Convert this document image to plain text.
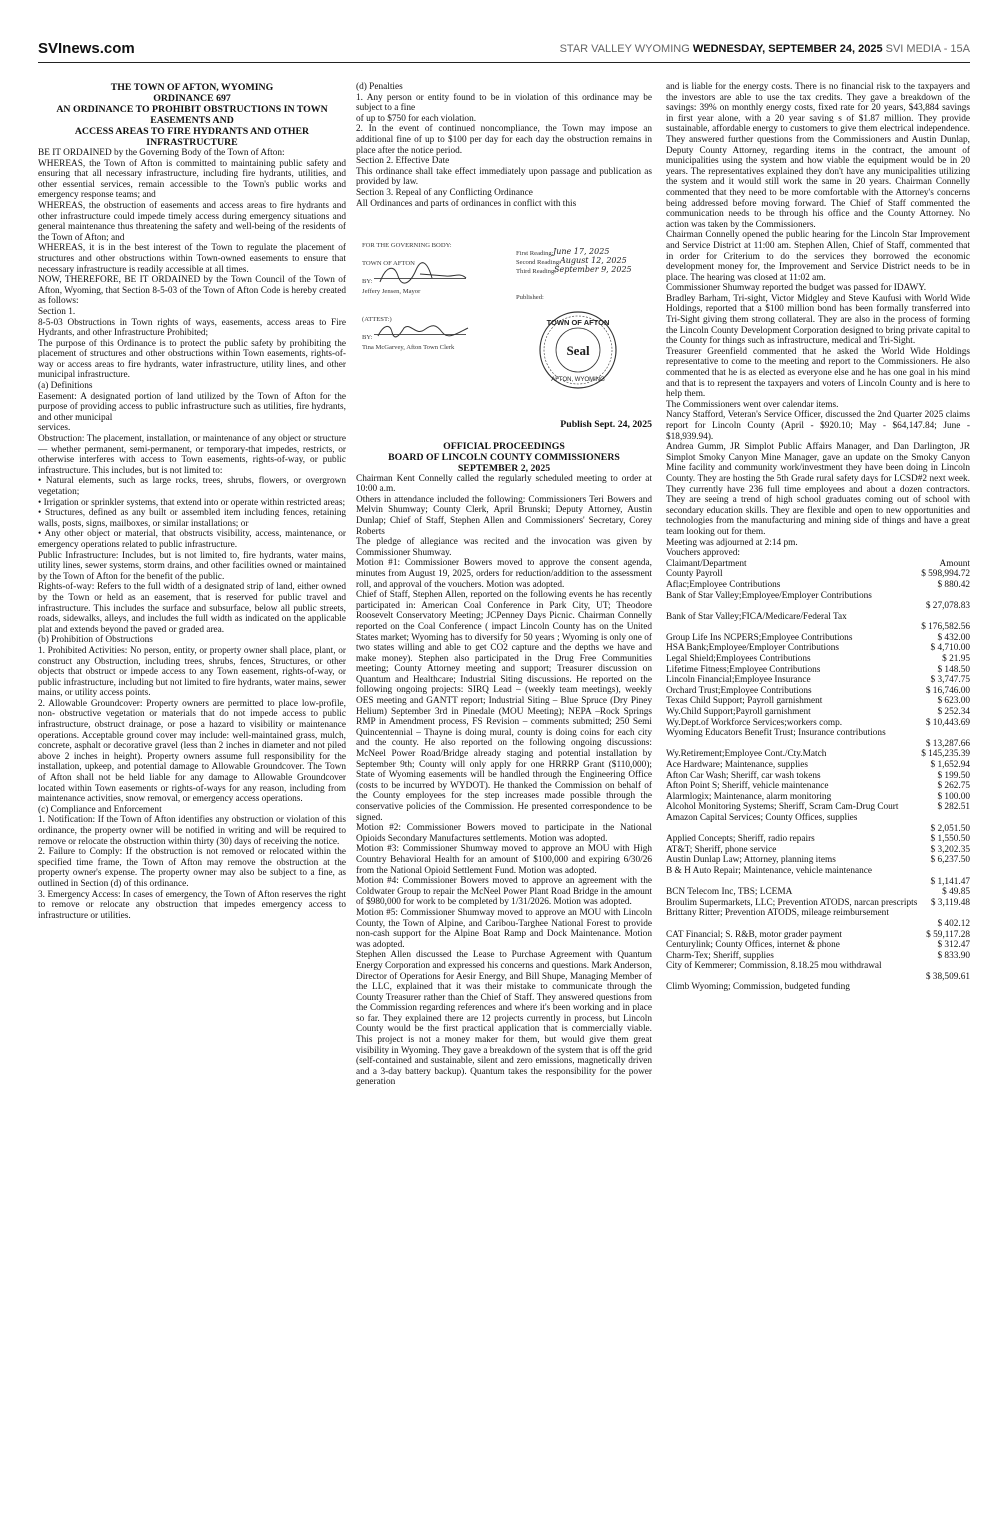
SVInews.com	STAR VALLEY WYOMING WEDNESDAY, SEPTEMBER 24, 2025 SVI MEDIA - 15A

THE TOWN OF AFTON, WYOMING

ORDINANCE 697

AN ORDINANCE TO PROHIBIT OBSTRUCTIONS IN TOWN EASEMENTS AND

ACCESS AREAS TO FIRE HYDRANTS AND OTHER INFRASTRUCTURE

BE IT ORDAINED by the Governing Body of the Town of Afton:

WHEREAS, the Town of Afton is committed to maintaining public safety and ensuring that all necessary infrastructure, including fire hydrants, utilities, and other essential services, remain accessible to the Town's public works and emergency response teams; and

WHEREAS, the obstruction of easements and access areas to fire hydrants and other infrastructure could impede timely access during emergency situations and general maintenance thus threatening the safety and well-being of the residents of the Town of Afton; and

WHEREAS, it is in the best interest of the Town to regulate the placement of structures and other obstructions within Town-owned easements to ensure that necessary infrastructure is readily accessible at all times.

NOW, THEREFORE, BE IT ORDAINED by the Town Council of the Town of Afton, Wyoming, that Section 8-5-03 of the Town of Afton Code is hereby created as follows:

Section 1.

8-5-03 Obstructions in Town rights of ways, easements, access areas to Fire Hydrants, and other Infrastructure Prohibited;

The purpose of this Ordinance is to protect the public safety by prohibiting the placement of structures and other obstructions within Town easements, rights-of-way or access areas to fire hydrants, water infrastructure, utility lines, and other municipal infrastructure.

(a) Definitions

Easement: A designated portion of land utilized by the Town of Afton for the purpose of providing access to public infrastructure such as utilities, fire hydrants, and other municipal

services.

Obstruction: The placement, installation, or maintenance of any object or structure— whether permanent, semi-permanent, or temporary-that impedes, restricts, or otherwise interferes with access to Town easements, rights-of-way, or public infrastructure. This includes, but is not limited to:

• Natural elements, such as large rocks, trees, shrubs, flowers, or overgrown vegetation;

• Irrigation or sprinkler systems, that extend into or operate within restricted areas;

• Structures, defined as any built or assembled item including fences, retaining walls, posts, signs, mailboxes, or similar installations; or

• Any other object or material, that obstructs visibility, access, maintenance, or emergency operations related to public infrastructure.

Public Infrastructure: Includes, but is not limited to, fire hydrants, water mains, utility lines, sewer systems, storm drains, and other facilities owned or maintained by the Town of Afton for the benefit of the public.

Rights-of-way: Refers to the full width of a designated strip of land, either owned by the Town or held as an easement, that is reserved for public travel and infrastructure. This includes the surface and subsurface, below all public streets, roads, sidewalks, alleys, and includes the full width as indicated on the applicable plat and extends beyond the paved or graded area.

(b) Prohibition of Obstructions

1. Prohibited Activities: No person, entity, or property owner shall place, plant, or construct any Obstruction, including trees, shrubs, fences, Structures, or other objects that obstruct or impede access to any Town easement, rights-of-way, or public infrastructure, including but not limited to fire hydrants, water mains, sewer mains, or utility access points.

2. Allowable Groundcover: Property owners are permitted to place low-profile, non- obstructive vegetation or materials that do not impede access to public infrastructure, obstruct drainage, or pose a hazard to visibility or maintenance operations. Acceptable ground cover may include: well-maintained grass, mulch, concrete, asphalt or decorative gravel (less than 2 inches in diameter and not piled above 2 inches in height). Property owners assume full responsibility for the installation, upkeep, and potential damage to Allowable Groundcover. The Town of Afton shall not be held liable for any damage to Allowable Groundcover located within Town easements or rights-of-ways for any reason, including from maintenance activities, snow removal, or emergency access operations.

(c) Compliance and Enforcement

1. Notification: If the Town of Afton identifies any obstruction or violation of this ordinance, the property owner will be notified in writing and will be required to remove or relocate the obstruction within thirty (30) days of receiving the notice.

2. Failure to Comply: If the obstruction is not removed or relocated within the specified time frame, the Town of Afton may remove the obstruction at the property owner's expense. The property owner may also be subject to a fine, as outlined in Section (d) of this ordinance.

3. Emergency Access: In cases of emergency, the Town of Afton reserves the right to remove or relocate any obstruction that impedes emergency access to infrastructure or utilities.

(d) Penalties

1. Any person or entity found to be in violation of this ordinance may be subject to a fine

of up to $750 for each violation.

2. In the event of continued noncompliance, the Town may impose an additional fine of up to $100 per day for each day the obstruction remains in place after the notice period.

Section 2. Effective Date

This ordinance shall take effect immediately upon passage and publication as provided by law.

Section 3. Repeal of any Conflicting Ordinance

All Ordinances and parts of ordinances in conflict with this

FOR THE GOVERNING BODY:
TOWN OF AFTON
BY:
Jeffery Jensen, Mayor
(ATTEST:)
BY:
Tina McGarvey, Afton Town Clerk
First Reading: June 17, 2025
Second Reading: August 12, 2025
Third Reading:
September 9, 2025
Published:
TOWN OF AFTON
Seal
AFTON, WYOMING

Publish Sept. 24, 2025

OFFICIAL PROCEEDINGS

BOARD OF LINCOLN COUNTY COMMISSIONERS

SEPTEMBER 2, 2025

Chairman Kent Connelly called the regularly scheduled meeting to order at 10:00 a.m.

Others in attendance included the following: Commissioners Teri Bowers and Melvin Shumway; County Clerk, April Brunski; Deputy Attorney, Austin Dunlap; Chief of Staff, Stephen Allen and Commissioners' Secretary, Corey Roberts

The pledge of allegiance was recited and the invocation was given by Commissioner Shumway.

Motion #1: Commissioner Bowers moved to approve the consent agenda, minutes from August 19, 2025, orders for reduction/addition to the assessment roll, and approval of the vouchers. Motion was adopted.

Chief of Staff, Stephen Allen, reported on the following events he has recently participated in: American Coal Conference in Park City, UT; Theodore Roosevelt Conservatory Meeting; JCPenney Days Picnic. Chairman Connelly reported on the Coal Conference ( impact Lincoln County has on the United States market; Wyoming has to diversify for 50 years ; Wyoming is only one of two states willing and able to get CO2 capture and the depths we have and make money). Stephen also participated in the Drug Free Communities meeting; County Attorney meeting and support; Treasurer discussion on Quantum and Healthcare; Industrial Siting discussions. He reported on the following ongoing projects: SIRQ Lead – (weekly team meetings), weekly OES meeting and GANTT report; Industrial Siting – Blue Spruce (Dry Piney Helium) September 3rd in Pinedale (MOU Meeting); NEPA –Rock Springs RMP in Amendment process, FS Revision – comments submitted; 250 Semi Quincentennial – Thayne is doing mural, county is doing coins for each city and the county. He also reported on the following ongoing discussions: McNeel Power Road/Bridge already staging and potential installation by September 9th; County will only apply for one HRRRP Grant ($110,000); State of Wyoming easements will be handled through the Engineering Office (costs to be incurred by WYDOT). He thanked the Commission on behalf of the County employees for the step increases made possible through the conservative policies of the Commission. He presented correspondence to be signed.

Motion #2: Commissioner Bowers moved to participate in the National Opioids Secondary Manufactures settlements. Motion was adopted.

Motion #3: Commissioner Shumway moved to approve an MOU with High Country Behavioral Health for an amount of $100,000 and expiring 6/30/26 from the National Opioid Settlement Fund. Motion was adopted.

Motion #4: Commissioner Bowers moved to approve an agreement with the Coldwater Group to repair the McNeel Power Plant Road Bridge in the amount of $980,000 for work to be completed by 1/31/2026. Motion was adopted.

Motion #5: Commissioner Shumway moved to approve an MOU with Lincoln County, the Town of Alpine, and Caribou-Targhee National Forest to provide non-cash support for the Alpine Boat Ramp and Dock Maintenance. Motion was adopted.

Stephen Allen discussed the Lease to Purchase Agreement with Quantum Energy Corporation and expressed his concerns and questions. Mark Anderson, Director of Operations for Aesir Energy, and Bill Shupe, Managing Member of the LLC, explained that it was their mistake to communicate through the County Treasurer rather than the Chief of Staff. They answered questions from the Commission regarding references and where it's been working and in place so far. They explained there are 12 projects currently in process, but Lincoln County would be the first practical application that is commercially viable. This project is not a money maker for them, but would give them great visibility in Wyoming. They gave a breakdown of the system that is off the grid (self-contained and sustainable, silent and zero emissions, magnetically driven and a 3-day battery backup). Quantum takes the responsibility for the power generation

and is liable for the energy costs. There is no financial risk to the taxpayers and the investors are able to use the tax credits. They gave a breakdown of the savings: 39% on monthly energy costs, fixed rate for 20 years, $43,884 savings in first year alone, with a 20 year saving s of $1.87 million. They provide sustainable, affordable energy to customers to give them electrical independence. They answered further questions from the Commissioners and Austin Dunlap, Deputy County Attorney, regarding items in the contract, the amount of municipalities using the system and how viable the equipment would be in 20 years. The representatives explained they don't have any municipalities utilizing the system and it would still work the same in 20 years. Chairman Connelly commented that they need to be more comfortable with the Attorney's concerns being addressed before moving forward. The Chief of Staff commented the communication needs to be through his office and the County Attorney. No action was taken by the Commissioners.

Chairman Connelly opened the public hearing for the Lincoln Star Improvement and Service District at 11:00 am. Stephen Allen, Chief of Staff, commented that in order for Criterium to do the services they borrowed the economic development money for, the Improvement and Service District needs to be in place. The hearing was closed at 11:02 am.

Commissioner Shumway reported the budget was passed for IDAWY.

Bradley Barham, Tri-sight, Victor Midgley and Steve Kaufusi with World Wide Holdings, reported that a $100 million bond has been formally transferred into Tri-Sight giving them strong collateral. They are also in the process of forming the Lincoln County Development Corporation designed to bring private capital to the County for things such as infrastructure, medical and Tri-Sight.

Treasurer Greenfield commented that he asked the World Wide Holdings representative to come to the meeting and report to the Commissioners. He also commented that he is as elected as everyone else and he has one goal in his mind and that is to represent the taxpayers and voters of Lincoln County and is here to help them.

The Commissioners went over calendar items.

Nancy Stafford, Veteran's Service Officer, discussed the 2nd Quarter 2025 claims report for Lincoln County (April - $920.10; May - $64,147.84; June - $18,939.94).

Andrea Gumm, JR Simplot Public Affairs Manager, and Dan Darlington, JR Simplot Smoky Canyon Mine Manager, gave an update on the Smoky Canyon Mine facility and community work/investment they have been doing in Lincoln County. They are hosting the 5th Grade rural safety days for LCSD#2 next week. They currently have 236 full time employees and about a dozen contractors. They are seeing a trend of high school graduates coming out of school with secondary education skills. They are flexible and open to new opportunities and technologies from the manufacturing and mining side of things and have a great team looking out for them.

Meeting was adjourned at 2:14 pm.

Vouchers approved:

Claimant/Department	Amount
County Payroll	$ 598,994.72
Aflac;Employee Contributions	$ 880.42
Bank of Star Valley;Employee/Employer Contributions
$ 27,078.83
Bank of Star Valley;FICA/Medicare/Federal Tax
$ 176,582.56
Group Life Ins NCPERS;Employee Contributions	$ 432.00
HSA Bank;Employee/Employer Contributions	$ 4,710.00
Legal Shield;Employees Contributions	$ 21.95
Lifetime Fitness;Employee Contributions	$ 148.50
Lincoln Financial;Employee Insurance	$ 3,747.75
Orchard Trust;Employee Contributions	$ 16,746.00
Texas Child Support; Payroll garnishment	$ 623.00
Wy.Child Support;Payroll garnishment	$ 252.34
Wy.Dept.of Workforce Services;workers comp.	$ 10,443.69
Wyoming Educators Benefit Trust; Insurance contributions
$ 13,287.66
Wy.Retirement;Employee Cont./Cty.Match	$ 145,235.39
Ace Hardware; Maintenance, supplies	$ 1,652.94
Afton Car Wash; Sheriff, car wash tokens	$ 199.50
Afton Point S; Sheriff, vehicle maintenance	$ 262.75
Alarmlogix; Maintenance, alarm monitoring	$ 100.00
Alcohol Monitoring Systems; Sheriff, Scram Cam-Drug Court	$ 282.51
Amazon Capital Services; County Offices, supplies
$ 2,051.50
Applied Concepts; Sheriff, radio repairs	$ 1,550.50
AT&T; Sheriff, phone service	$ 3,202.35
Austin Dunlap Law; Attorney, planning items	$ 6,237.50
B & H Auto Repair; Maintenance, vehicle maintenance
$ 1,141.47
BCN Telecom Inc, TBS; LCEMA	$ 49.85
Broulim Supermarkets, LLC; Prevention ATODS, narcan prescripts $ 3,119.48
Brittany Ritter; Prevention ATODS, mileage reimbursement
$ 402.12
CAT Financial; S. R&B, motor grader payment	$ 59,117.28
Centurylink; County Offices, internet & phone	$ 312.47
Charm-Tex; Sheriff, supplies	$ 833.90
City of Kemmerer; Commission, 8.18.25 mou withdrawal
$ 38,509.61
Climb Wyoming; Commission, budgeted funding
